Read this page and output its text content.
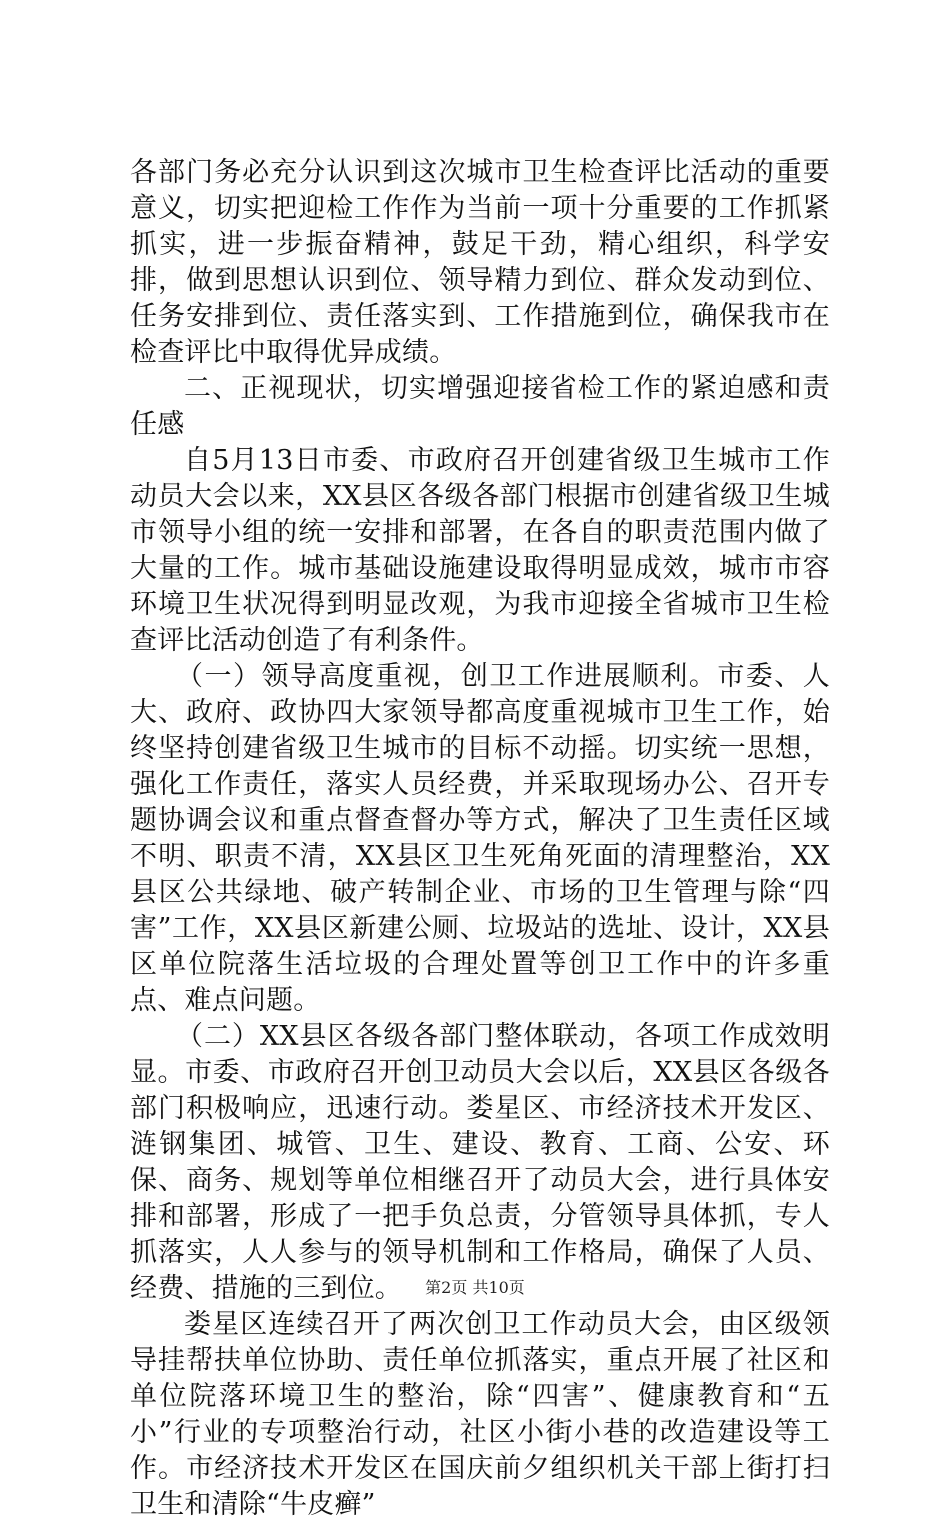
各部门务必充分认识到这次城市卫生检查评比活动的重要意义，切实把迎检工作作为当前一项十分重要的工作抓紧抓实，进一步振奋精神，鼓足干劲，精心组织，科学安排，做到思想认识到位、领导精力到位、群众发动到位、任务安排到位、责任落实到、工作措施到位，确保我市在检查评比中取得优异成绩。

二、正视现状，切实增强迎接省检工作的紧迫感和责任感

自5月13日市委、市政府召开创建省级卫生城市工作动员大会以来，XX县区各级各部门根据市创建省级卫生城市领导小组的统一安排和部署，在各自的职责范围内做了大量的工作。城市基础设施建设取得明显成效，城市市容环境卫生状况得到明显改观，为我市迎接全省城市卫生检查评比活动创造了有利条件。

（一）领导高度重视，创卫工作进展顺利。市委、人大、政府、政协四大家领导都高度重视城市卫生工作，始终坚持创建省级卫生城市的目标不动摇。切实统一思想，强化工作责任，落实人员经费，并采取现场办公、召开专题协调会议和重点督查督办等方式，解决了卫生责任区域不明、职责不清，XX县区卫生死角死面的清理整治，XX县区公共绿地、破产转制企业、市场的卫生管理与除“四害”工作，XX县区新建公厕、垃圾站的选址、设计，XX县区单位院落生活垃圾的合理处置等创卫工作中的许多重点、难点问题。

（二）XX县区各级各部门整体联动，各项工作成效明显。市委、市政府召开创卫动员大会以后，XX县区各级各部门积极响应，迅速行动。娄星区、市经济技术开发区、涟钢集团、城管、卫生、建设、教育、工商、公安、环保、商务、规划等单位相继召开了动员大会，进行具体安排和部署，形成了一把手负总责，分管领导具体抓，专人抓落实，人人参与的领导机制和工作格局，确保了人员、经费、措施的三到位。

娄星区连续召开了两次创卫工作动员大会，由区级领导挂帮扶单位协助、责任单位抓落实，重点开展了社区和单位院落环境卫生的整治，除“四害”、健康教育和“五小”行业的专项整治行动，社区小街小巷的改造建设等工作。市经济技术开发区在国庆前夕组织机关干部上街打扫卫生和清除“牛皮癣”

第2页 共10页
